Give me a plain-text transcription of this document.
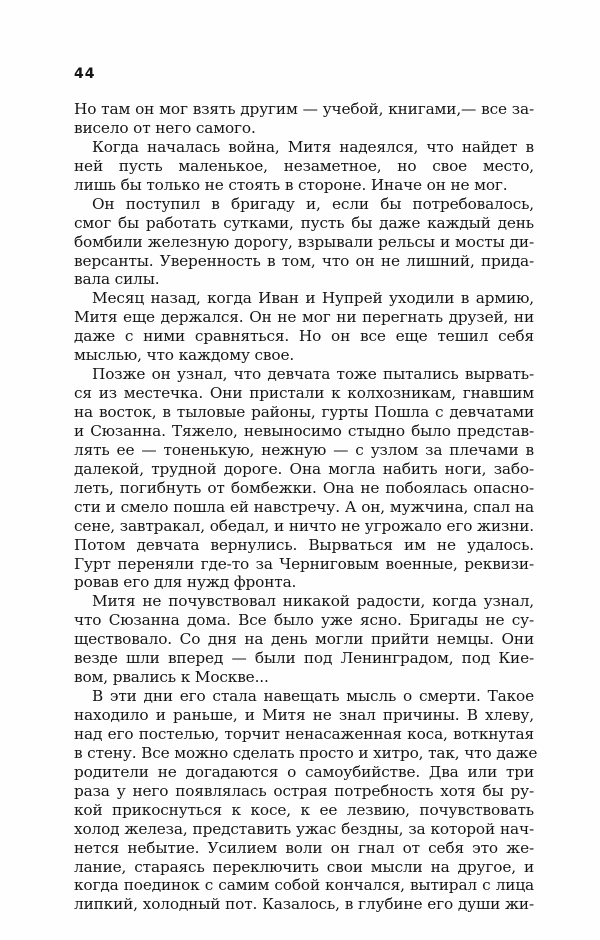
44
Но там он мог взять другим — учебой, книгами,— все за-
висело от него самого.
Когда началась война, Митя надеялся, что найдет в
ней пусть маленькое, незаметное, но свое место,
лишь бы только не стоять в стороне. Иначе он не мог.
Он поступил в бригаду и, если бы потребовалось,
смог бы работать сутками, пусть бы даже каждый день
бомбили железную дорогу, взрывали рельсы и мосты ди-
версанты. Уверенность в том, что он не лишний, прида-
вала силы.
Месяц назад, когда Иван и Нупрей уходили в армию,
Митя еще держался. Он не мог ни перегнать друзей, ни
даже с ними сравняться. Но он все еще тешил себя
мыслью, что каждому свое.
Позже он узнал, что девчата тоже пытались вырвать-
ся из местечка. Они пристали к колхозникам, гнавшим
на восток, в тыловые районы, гурты Пошла с девчатами
и Сюзанна. Тяжело, невыносимо стыдно было представ-
лять ее — тоненькую, нежную — с узлом за плечами в
далекой, трудной дороге. Она могла набить ноги, забо-
леть, погибнуть от бомбежки. Она не побоялась опасно-
сти и смело пошла ей навстречу. А он, мужчина, спал на
сене, завтракал, обедал, и ничто не угрожало его жизни.
Потом девчата вернулись. Вырваться им не удалось.
Гурт переняли где-то за Черниговым военные, реквизи-
ровав его для нужд фронта.
Митя не почувствовал никакой радости, когда узнал,
что Сюзанна дома. Все было уже ясно. Бригады не су-
ществовало. Со дня на день могли прийти немцы. Они
везде шли вперед — были под Ленинградом, под Кие-
вом, рвались к Москве...
В эти дни его стала навещать мысль о смерти. Такое
находило и раньше, и Митя не знал причины. В хлеву,
над его постелью, торчит ненасаженная коса, воткнутая
в стену. Все можно сделать просто и хитро, так, что даже
родители не догадаются о самоубийстве. Два или три
раза у него появлялась острая потребность хотя бы ру-
кой прикоснуться к косе, к ее лезвию, почувствовать
холод железа, представить ужас бездны, за которой нач-
нется небытие. Усилием воли он гнал от себя это же-
лание, стараясь переключить свои мысли на другое, и
когда поединок с самим собой кончался, вытирал с лица
липкий, холодный пот. Казалось, в глубине его души жи-
